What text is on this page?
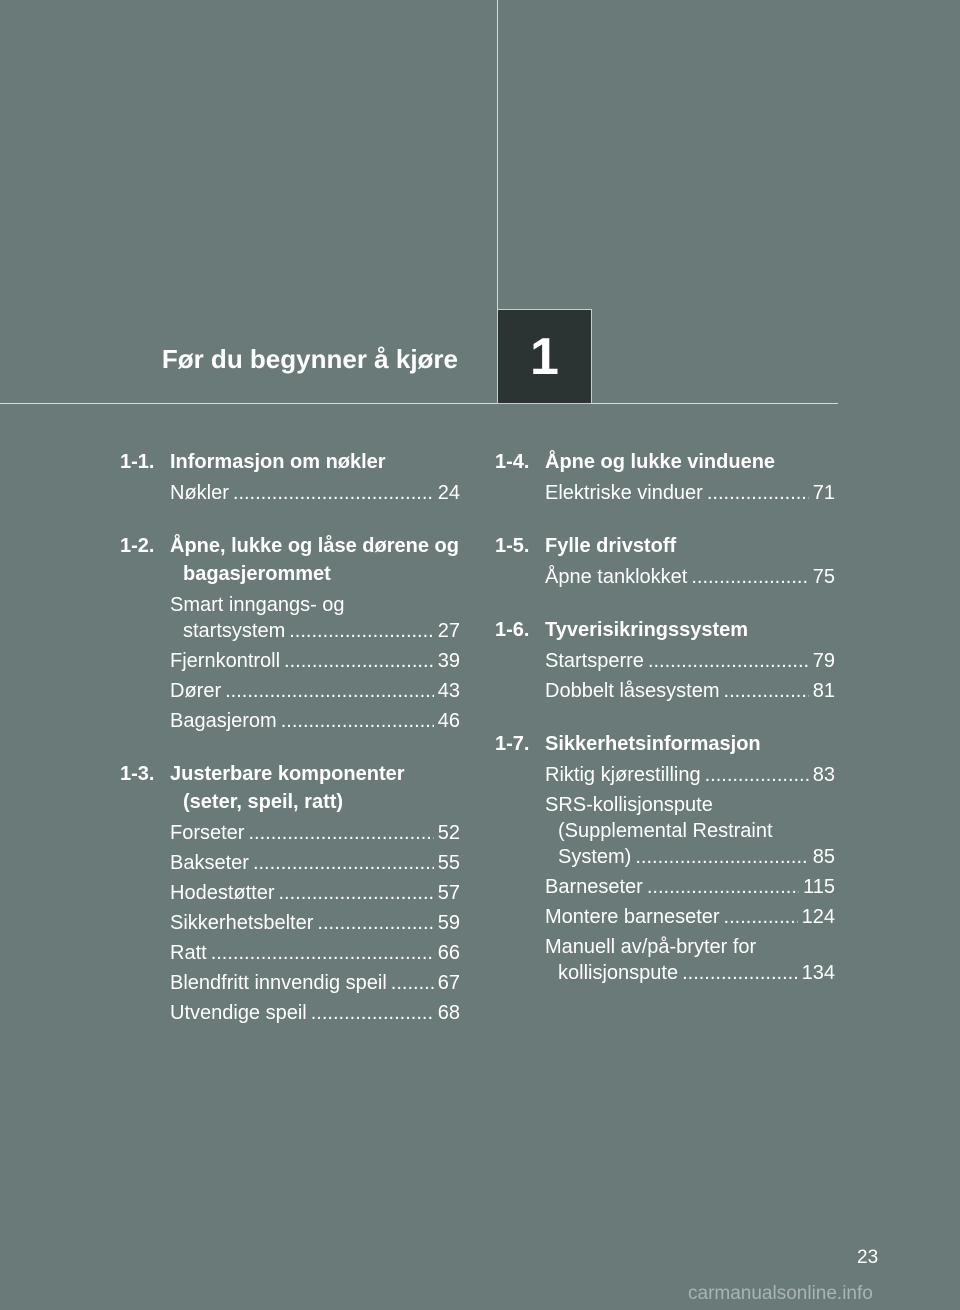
Før du begynner å kjøre 1
1-1. Informasjon om nøkler
Nøkler .....	24
1-2. Åpne, lukke og låse dørene og bagasjerommet
Smart inngangs- og
startsystem .....	27
Fjernkontroll .....	39
Dører .....	43
Bagasjerom .....	46
1-3. Justerbare komponenter (seter, speil, ratt)
Forseter .....	52
Bakseter .....	55
Hodestøtter .....	57
Sikkerhetsbelter .....	59
Ratt .....	66
Blendfritt innvendig speil .....	67
Utvendige speil .....	68
1-4. Åpne og lukke vinduene
Elektriske vinduer .....	71
1-5. Fylle drivstoff
Åpne tanklokket .....	75
1-6. Tyverisikringssystem
Startsperre .....	79
Dobbelt låsesystem .....	81
1-7. Sikkerhetsinformasjon
Riktig kjørestilling .....	83
SRS-kollisjonspute
(Supplemental Restraint
System) .....	85
Barneseter .....	115
Montere barneseter .....	124
Manuell av/på-bryter for
kollisjonspute .....	134
23
carmanualsonline.info
